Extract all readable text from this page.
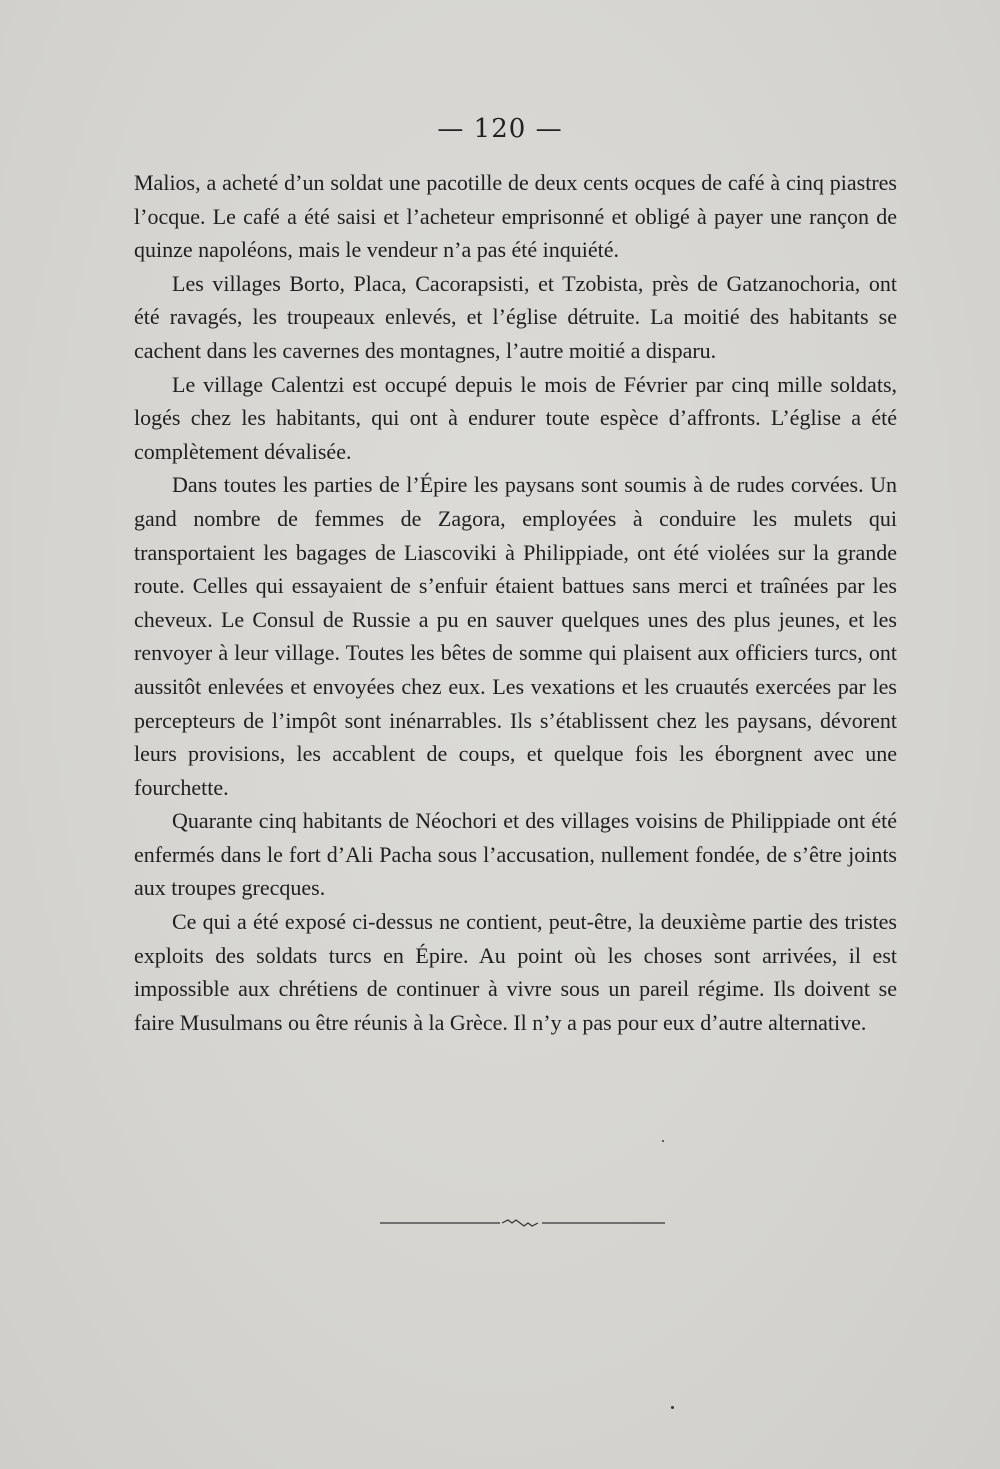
— 120 —

Malios, a acheté d’un soldat une pacotille de deux cents ocques de café à cinq piastres l’ocque. Le café a été saisi et l’acheteur emprisonné et obligé à payer une rançon de quinze napoléons, mais le vendeur n’a pas été inquiété.

Les villages Borto, Placa, Cacorapsisti, et Tzobista, près de Gatzanochoria, ont été ravagés, les troupeaux enlevés, et l’église détruite. La moitié des habitants se cachent dans les cavernes des montagnes, l’autre moitié a disparu.

Le village Calentzi est occupé depuis le mois de Février par cinq mille soldats, logés chez les habitants, qui ont à endurer toute espèce d’affronts. L’église a été complètement dévalisée.

Dans toutes les parties de l’Épire les paysans sont soumis à de rudes corvées. Un gand nombre de femmes de Zagora, employées à conduire les mulets qui transportaient les bagages de Liascoviki à Philippiade, ont été violées sur la grande route. Celles qui essayaient de s’enfuir étaient battues sans merci et traînées par les cheveux. Le Consul de Russie a pu en sauver quelques unes des plus jeunes, et les renvoyer à leur village. Toutes les bêtes de somme qui plaisent aux officiers turcs, ont aussitôt enlevées et envoyées chez eux. Les vexations et les cruautés exercées par les percepteurs de l’impôt sont inénarrables. Ils s’établissent chez les paysans, dévorent leurs provisions, les accablent de coups, et quelque fois les éborgnent avec une fourchette.

Quarante cinq habitants de Néochori et des villages voisins de Philippiade ont été enfermés dans le fort d’Ali Pacha sous l’accusation, nullement fondée, de s’être joints aux troupes grecques.

Ce qui a été exposé ci-dessus ne contient, peut-être, la deuxième partie des tristes exploits des soldats turcs en Épire. Au point où les choses sont arrivées, il est impossible aux chrétiens de continuer à vivre sous un pareil régime. Ils doivent se faire Musulmans ou être réunis à la Grèce. Il n’y a pas pour eux d’autre alternative.
